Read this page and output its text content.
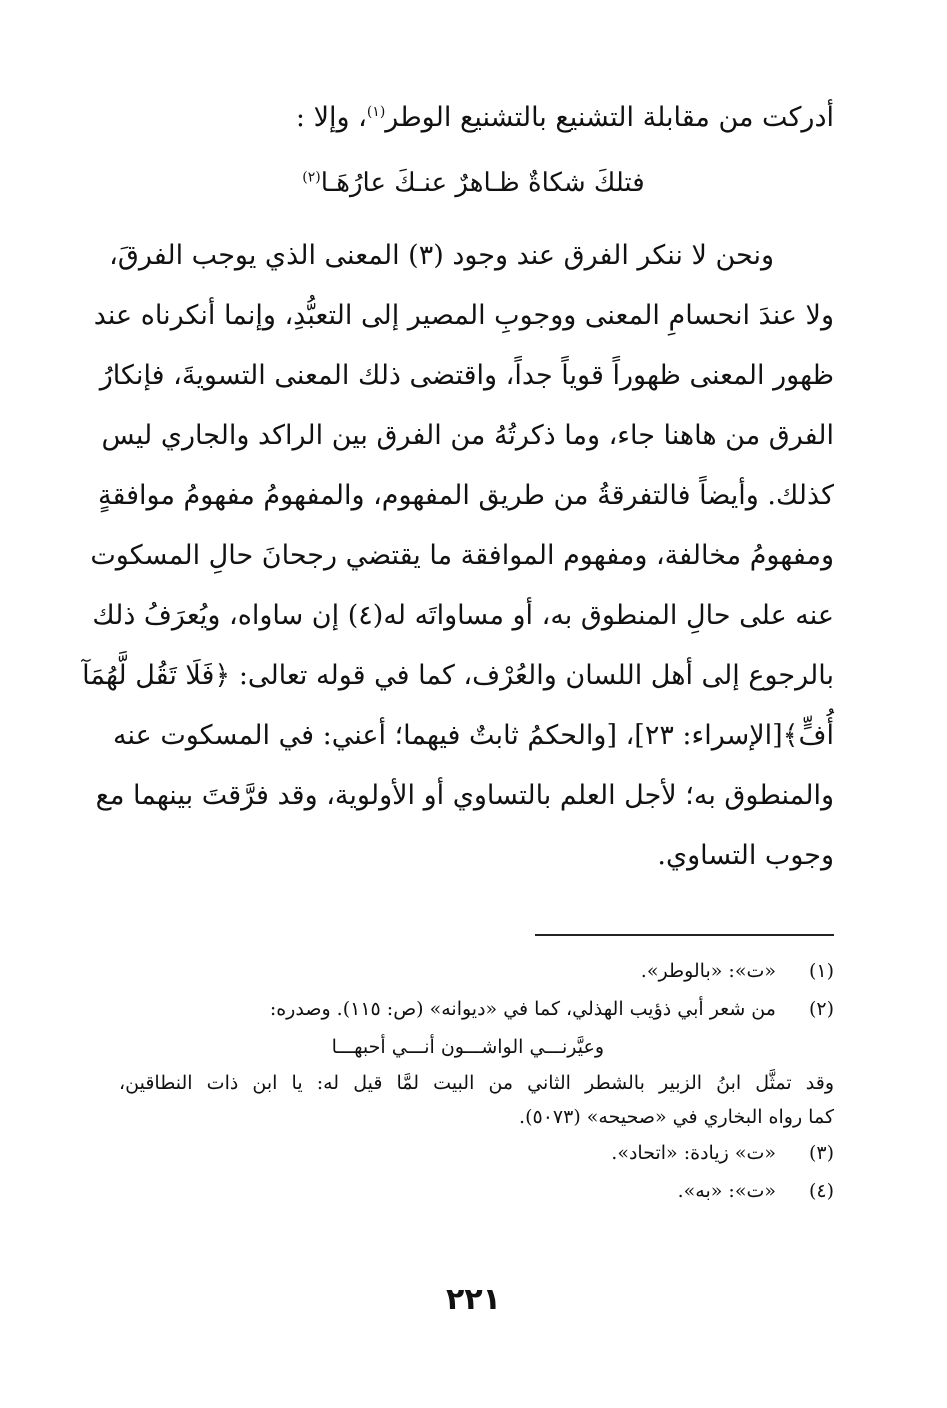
أدركت من مقابلة التشنيع بالتشنيع الوطر$^{(١)}$، وإلا :
فتلكَ شكاةٌ ظـاهرٌ عنـكَ عارُهَـا$^{(٢)}$
ونحن لا ننكر الفرق عند وجود (٣) المعنى الذي يوجب الفرقَ،
ولا عندَ انحسامِ المعنى ووجوبِ المصير إلى التعبُّدِ، وإنما أنكرناه عند
ظهور المعنى ظهوراً قوياً جداً، واقتضى ذلك المعنى التسويةَ، فإنكارُ
الفرق من هاهنا جاء، وما ذكرتُهُ من الفرق بين الراكد والجاري ليس
كذلك. وأيضاً فالتفرقةُ من طريق المفهوم، والمفهومُ مفهومُ موافقةٍ
ومفهومُ مخالفة، ومفهوم الموافقة ما يقتضي رجحانَ حالِ المسكوت
عنه على حالِ المنطوق به، أو مساواتَه له(٤) إن ساواه، ويُعرَفُ ذلك
بالرجوع إلى أهل اللسان والعُرْف، كما في قوله تعالى: ﴿فَلَا تَقُل لَّهُمَآ
أُفٍّ﴾[الإسراء: ٢٣]، [والحكمُ ثابتٌ فيهما؛ أعني: في المسكوت عنه
والمنطوق به؛ لأجل العلم بالتساوي أو الأولوية، وقد فرَّقتَ بينهما مع
وجوب التساوي.
(١) «ت»: «بالوطر».
(٢) من شعر أبي ذؤيب الهذلي، كما في «ديوانه» (ص: ١١٥). وصدره:
وعيَّرنـــي الواشـــون أنـــي أحبهـــا
وقد تمثَّل ابنُ الزبير بالشطر الثاني من البيت لمَّا قيل له: يا ابن ذات النطاقين،
كما رواه البخاري في «صحيحه» (٥٠٧٣).
(٣) «ت» زيادة: «اتحاد».
(٤) «ت»: «به».
٢٢١
